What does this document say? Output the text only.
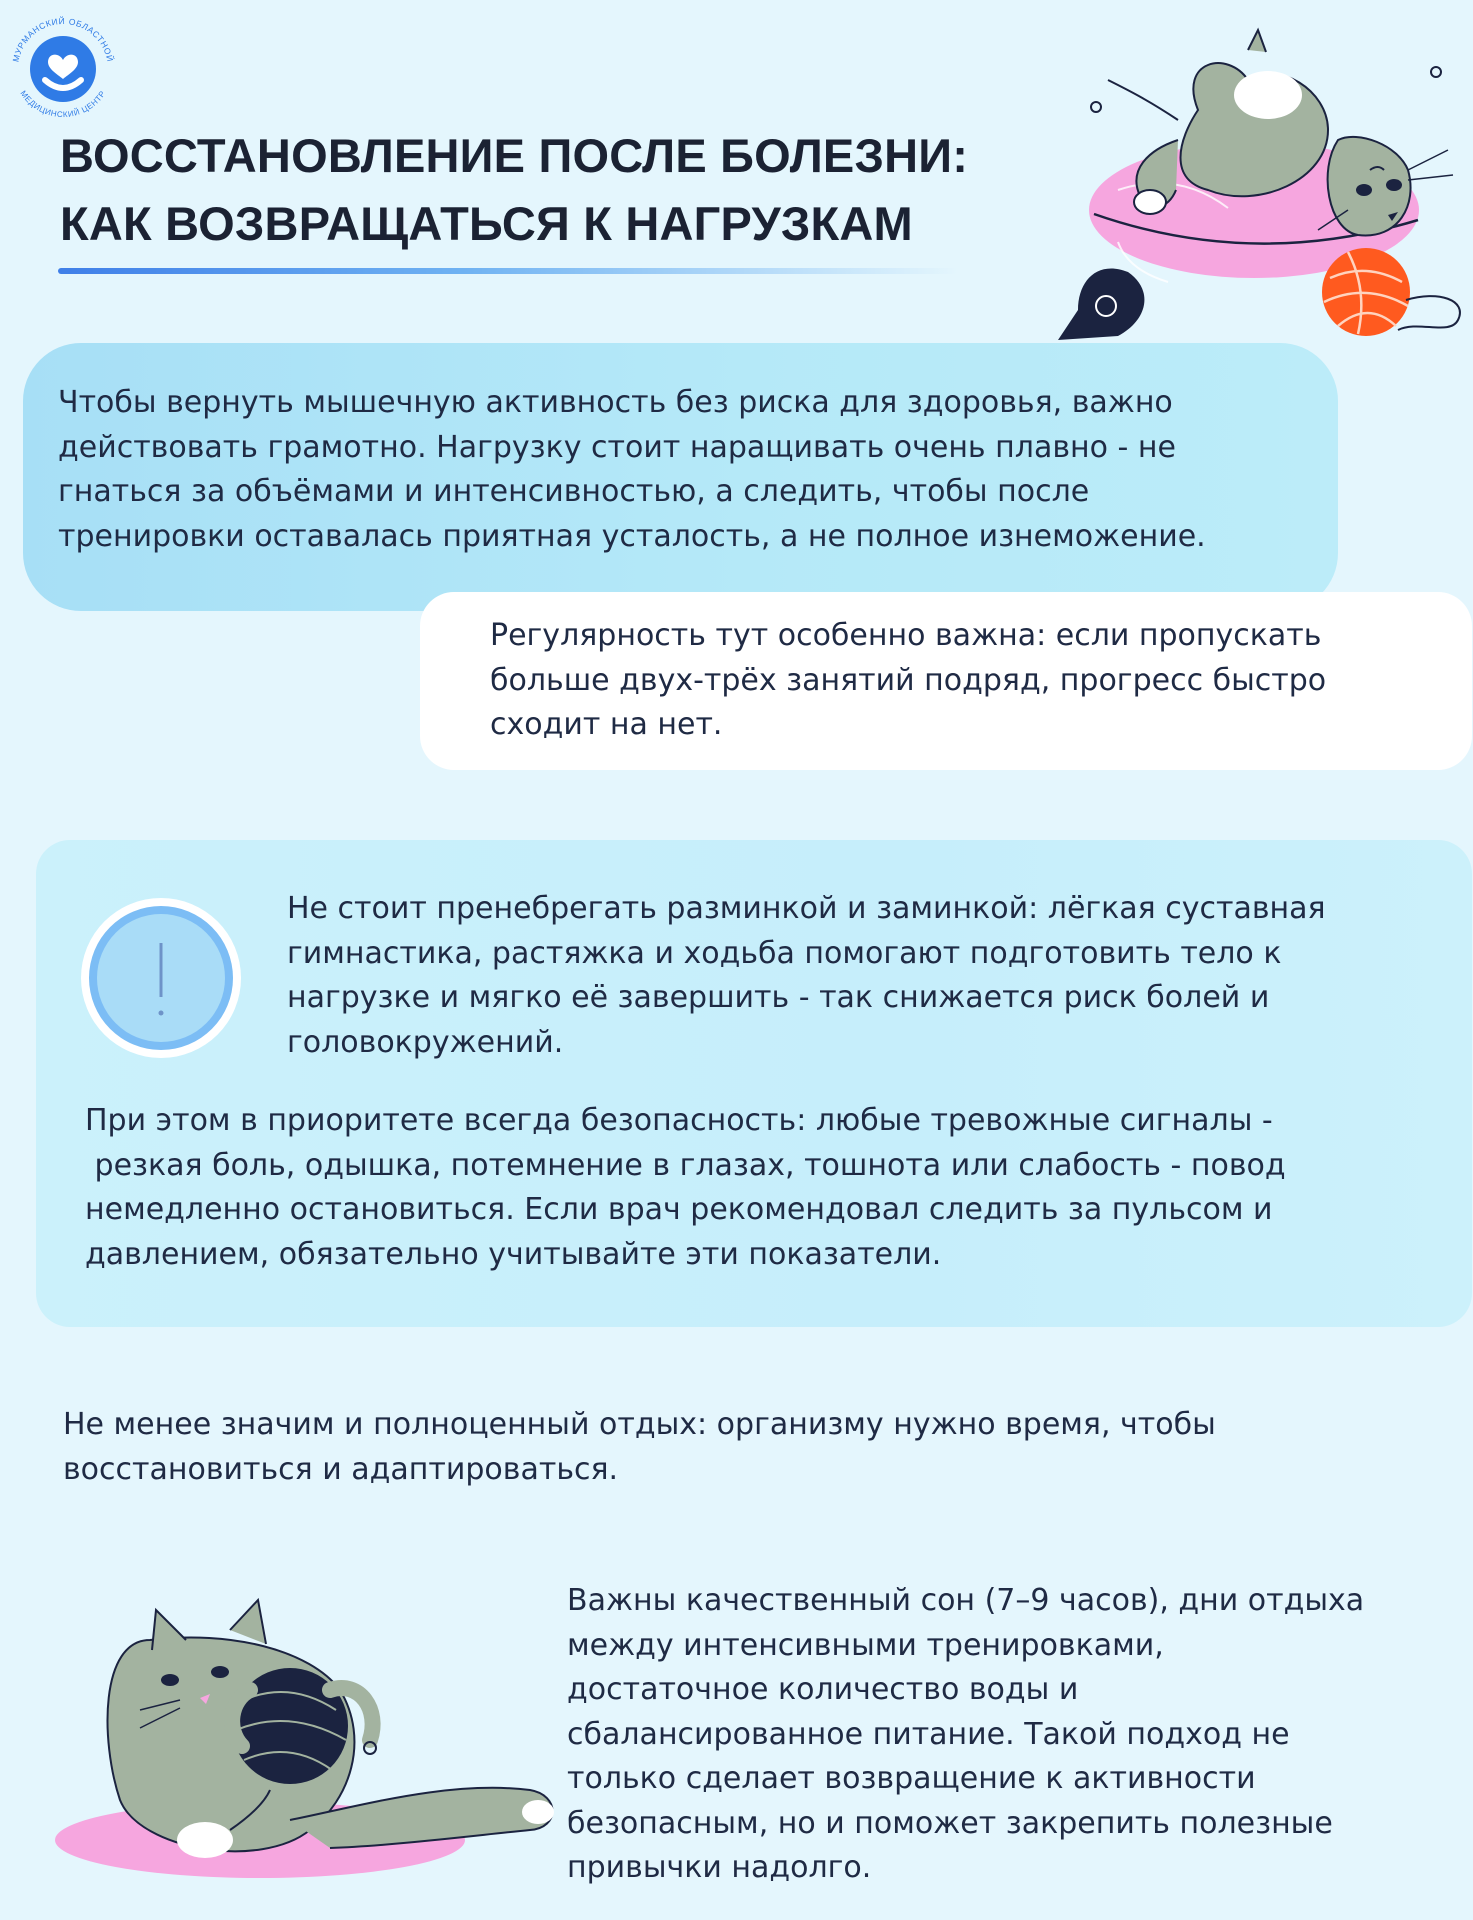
МУРМАНСКИЙ ОБЛАСТНОЙ
МЕДИЦИНСКИЙ ЦЕНТР
ВОССТАНОВЛЕНИЕ ПОСЛЕ БОЛЕЗНИ:
КАК ВОЗВРАЩАТЬСЯ К НАГРУЗКАМ
Чтобы вернуть мышечную активность без риска для здоровья, важно
действовать грамотно. Нагрузку стоит наращивать очень плавно - не
гнаться за объёмами и интенсивностью, а следить, чтобы после
тренировки оставалась приятная усталость, а не полное изнеможение.
Регулярность тут особенно важна: если пропускать
больше двух-трёх занятий подряд, прогресс быстро
сходит на нет.
Не стоит пренебрегать разминкой и заминкой: лёгкая суставная
гимнастика, растяжка и ходьба помогают подготовить тело к
нагрузке и мягко её завершить - так снижается риск болей и
головокружений.
При этом в приоритете всегда безопасность: любые тревожные сигналы -
резкая боль, одышка, потемнение в глазах, тошнота или слабость - повод
немедленно остановиться. Если врач рекомендовал следить за пульсом и
давлением, обязательно учитывайте эти показатели.
Не менее значим и полноценный отдых: организму нужно время, чтобы
восстановиться и адаптироваться.
Важны качественный сон (7–9 часов), дни отдыха
между интенсивными тренировками,
достаточное количество воды и
сбалансированное питание. Такой подход не
только сделает возвращение к активности
безопасным, но и поможет закрепить полезные
привычки надолго.
